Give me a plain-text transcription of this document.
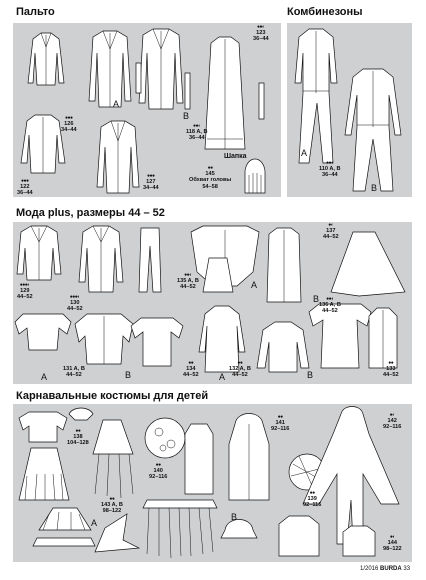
Пальто	Комбинезоны
Мода plus, размеры 44 – 52
Карнавальные костюмы для детей
●●●
126
34–44
A
B
●●◐
118 A, B
36–44
●●◐
123
36–44
●●●
122
36–44
●●●
127
34–44
Шапка
●●
145
Обхват головы
54–58
A
●●◐
110 A, B
36–44
B
●●●◐
129
44–52	●●●◐
130
44–52
●●◐
135 A, B
44–52	A
●◐
137
44–52
B	●●◐
136 A, B
44–52
A
131 A, B
44–52	B
●●
134
44–52 A
●●
132 A, B
44–52	B
●●
133
44–52
●●
138
104–128
●●
140
92–116
●●
141
92–116
●◐
142
92–116
●●
139
92–116
●●
143 A, B
98–122
A
B
●◐
144
98–122
1/2016 BURDA 33
